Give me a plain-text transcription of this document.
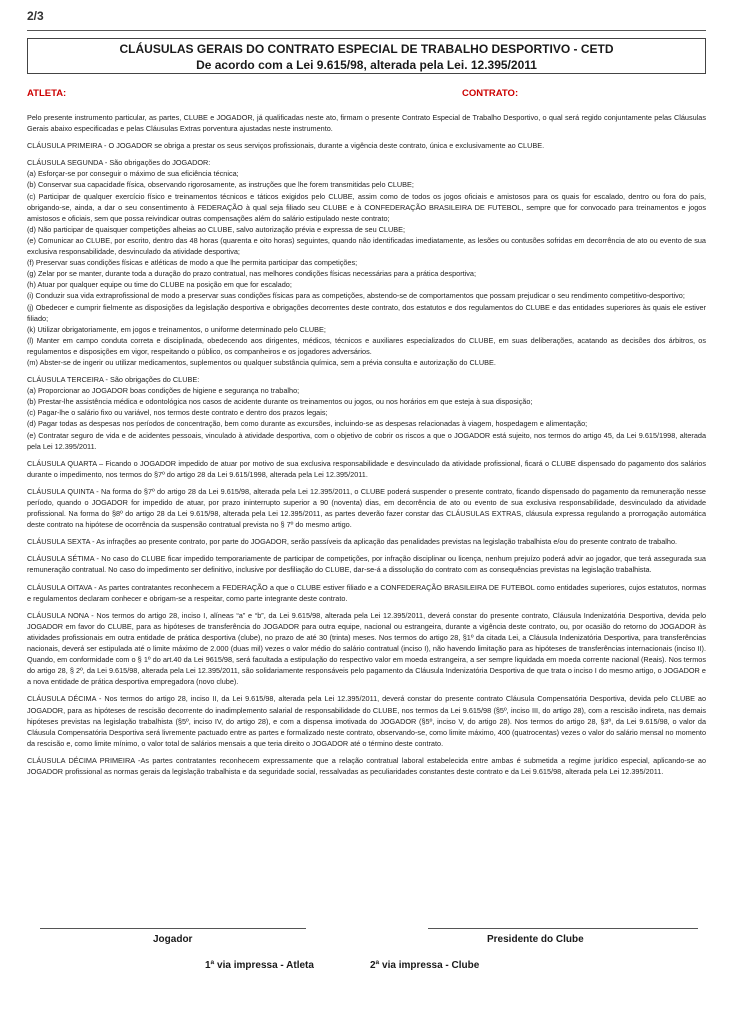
2/3
CLÁUSULAS GERAIS DO CONTRATO ESPECIAL DE TRABALHO DESPORTIVO - CETD
De acordo com a Lei 9.615/98, alterada pela Lei. 12.395/2011
ATLETA:	CONTRATO:

Pelo presente instrumento particular, as partes, CLUBE e JOGADOR, já qualificadas neste ato, firmam o presente Contrato Especial de Trabalho Desportivo, o qual será regido conjuntamente pelas Cláusulas Gerais abaixo especificadas e pelas Cláusulas Extras porventura ajustadas neste instrumento.

CLÁUSULA PRIMEIRA - O JOGADOR se obriga a prestar os seus serviços profissionais, durante a vigência deste contrato, única e exclusivamente ao CLUBE.

CLÁUSULA SEGUNDA - São obrigações do JOGADOR:
(a) Esforçar-se por conseguir o máximo de sua eficiência técnica;
(b) Conservar sua capacidade física, observando rigorosamente, as instruções que lhe forem transmitidas pelo CLUBE;
(c) Participar de qualquer exercício físico e treinamentos técnicos e táticos exigidos pelo CLUBE, assim como de todos os jogos oficiais e amistosos para os quais for escalado, dentro ou fora do país, obrigando-se, ainda, a dar o seu consentimento à FEDERAÇÃO à qual seja filiado seu CLUBE e à CONFEDERAÇÃO BRASILEIRA DE FUTEBOL, sempre que for convocado para treinamentos e jogos amistosos e oficiais, sem que possa reivindicar outras compensações além do salário estipulado neste contrato;
(d) Não participar de quaisquer competições alheias ao CLUBE, salvo autorização prévia e expressa de seu CLUBE;
(e) Comunicar ao CLUBE, por escrito, dentro das 48 horas (quarenta e oito horas) seguintes, quando não identificadas imediatamente, as lesões ou contusões sofridas em decorrência de ato ou evento de sua exclusiva responsabilidade, desvinculado da atividade desportiva;
(f) Preservar suas condições físicas e atléticas de modo a que lhe permita participar das competições;
(g) Zelar por se manter, durante toda a duração do prazo contratual, nas melhores condições físicas necessárias para a prática desportiva;
(h) Atuar por qualquer equipe ou time do CLUBE na posição em que for escalado;
(i) Conduzir sua vida extraprofissional de modo a preservar suas condições físicas para as competições, abstendo-se de comportamentos que possam prejudicar o seu rendimento competitivo-desportivo;
(j) Obedecer e cumprir fielmente as disposições da legislação desportiva e obrigações decorrentes deste contrato, dos estatutos e dos regulamentos do CLUBE e das entidades superiores às quais ele estiver filiado;
(k) Utilizar obrigatoriamente, em jogos e treinamentos, o uniforme determinado pelo CLUBE;
(l) Manter em campo conduta correta e disciplinada, obedecendo aos dirigentes, médicos, técnicos e auxiliares especializados do CLUBE, em suas deliberações, acatando as decisões dos árbitros, os regulamentos e disposições em vigor, respeitando o público, os companheiros e os jogadores adversários.
(m) Abster-se de ingerir ou utilizar medicamentos, suplementos ou qualquer substância química, sem a prévia consulta e autorização do CLUBE.
CLÁUSULA TERCEIRA - São obrigações do CLUBE:
(a) Proporcionar ao JOGADOR boas condições de higiene e segurança no trabalho;
(b) Prestar-lhe assistência médica e odontológica nos casos de acidente durante os treinamentos ou jogos, ou nos horários em que esteja à sua disposição;
(c) Pagar-lhe o salário fixo ou variável, nos termos deste contrato e dentro dos prazos legais;
(d) Pagar todas as despesas nos períodos de concentração, bem como durante as excursões, incluindo-se as despesas relacionadas à viagem, hospedagem e alimentação;
(e) Contratar seguro de vida e de acidentes pessoais, vinculado à atividade desportiva, com o objetivo de cobrir os riscos a que o JOGADOR está sujeito, nos termos do artigo 45, da Lei 9.615/1998, alterada pela Lei 12.395/2011.

CLÁUSULA QUARTA – Ficando o JOGADOR impedido de atuar por motivo de sua exclusiva responsabilidade e desvinculado da atividade profissional, ficará o CLUBE dispensado do pagamento dos salários durante o impedimento, nos termos do §7º do artigo 28 da Lei 9.615/1998, alterada pela Lei 12.395/2011.

CLÁUSULA QUINTA - Na forma do §7º do artigo 28 da Lei 9.615/98, alterada pela Lei 12.395/2011, o CLUBE poderá suspender o presente contrato, ficando dispensado do pagamento da remuneração nesse período, quando o JOGADOR for impedido de atuar, por prazo ininterrupto superior a 90 (noventa) dias, em decorrência de ato ou evento de sua exclusiva responsabilidade, desvinculado da atividade profissional. Na forma do §8º do artigo 28 da Lei 9.615/98, alterada pela Lei 12.395/2011, as partes deverão fazer constar das CLÁUSULAS EXTRAS, cláusula expressa regulando a prorrogação automática deste contrato na hipótese de ocorrência da suspensão contratual prevista no § 7º do mesmo artigo.

CLÁUSULA SEXTA - As infrações ao presente contrato, por parte do JOGADOR, serão passíveis da aplicação das penalidades previstas na legislação trabalhista e/ou do presente contrato de trabalho.

CLÁUSULA SÉTIMA - No caso do CLUBE ficar impedido temporariamente de participar de competições, por infração disciplinar ou licença, nenhum prejuízo poderá advir ao jogador, que terá assegurada sua remuneração contratual. No caso do impedimento ser definitivo, inclusive por desfiliação do CLUBE, dar-se-á a dissolução do contrato com as consequências previstas na legislação trabalhista.

CLÁUSULA OITAVA - As partes contratantes reconhecem a FEDERAÇÃO a que o CLUBE estiver filiado e a CONFEDERAÇÃO BRASILEIRA DE FUTEBOL como entidades superiores, cujos estatutos, normas e regulamentos declaram conhecer e obrigam-se a respeitar, como parte integrante deste contrato.

CLÁUSULA NONA - Nos termos do artigo 28, inciso I, alíneas “a” e “b”, da Lei 9.615/98, alterada pela Lei 12.395/2011, deverá constar do presente contrato, Cláusula Indenizatória Desportiva, devida pelo JOGADOR em favor do CLUBE, para as hipóteses de transferência do JOGADOR para outra equipe, nacional ou estrangeira, durante a vigência deste contrato, ou, por ocasião do retorno do JOGADOR às atividades profissionais em outra entidade de prática desportiva (clube), no prazo de até 30 (trinta) meses. Nos termos do artigo 28, §1º da citada Lei, a Cláusula Indenizatória Desportiva, para transferências nacionais, deverá ser estipulada até o limite máximo de 2.000 (duas mil) vezes o valor médio do salário contratual (inciso I), não havendo limitação para as hipóteses de transferências internacionais (inciso II). Quando, em conformidade com o § 1º do art.40 da Lei 9615/98, será facultada a estipulação do respectivo valor em moeda estrangeira, a ser sempre liquidada em moeda corrente nacional (Reais). Nos termos do artigo 28, § 2º, da Lei 9.615/98, alterada pela Lei 12.395/2011, são solidariamente responsáveis pelo pagamento da Cláusula Indenizatória Desportiva de que trata o inciso I do mesmo artigo, o JOGADOR e a nova entidade de prática desportiva empregadora (novo clube).

CLÁUSULA DÉCIMA - Nos termos do artigo 28, inciso II, da Lei 9.615/98, alterada pela Lei 12.395/2011, deverá constar do presente contrato Cláusula Compensatória Desportiva, devida pelo CLUBE ao JOGADOR, para as hipóteses de rescisão decorrente do inadimplemento salarial de responsabilidade do CLUBE, nos termos da Lei 9.615/98 (§5º, inciso III, do artigo 28), com a rescisão indireta, nas demais hipóteses previstas na legislação trabalhista (§5º, inciso IV, do artigo 28), e com a dispensa imotivada do JOGADOR (§5º, inciso V, do artigo 28). Nos termos do artigo 28, §3º, da Lei 9.615/98, o valor da Cláusula Compensatória Desportiva será livremente pactuado entre as partes e formalizado neste contrato, observando-se, como limite máximo, 400 (quatrocentas) vezes o valor do salário mensal no momento da rescisão e, como limite mínimo, o valor total de salários mensais a que teria direito o JOGADOR até o término deste contrato.

CLÁUSULA DÉCIMA PRIMEIRA -As partes contratantes reconhecem expressamente que a relação contratual laboral estabelecida entre ambas é submetida a regime jurídico especial, aplicando-se ao JOGADOR profissional as normas gerais da legislação trabalhista e da seguridade social, ressalvadas as peculiaridades constantes deste contrato e da Lei 9.615/98, alterada pela Lei 12.395/2011.

Jogador	Presidente do Clube
1ª via impressa - Atleta	2ª via impressa - Clube
